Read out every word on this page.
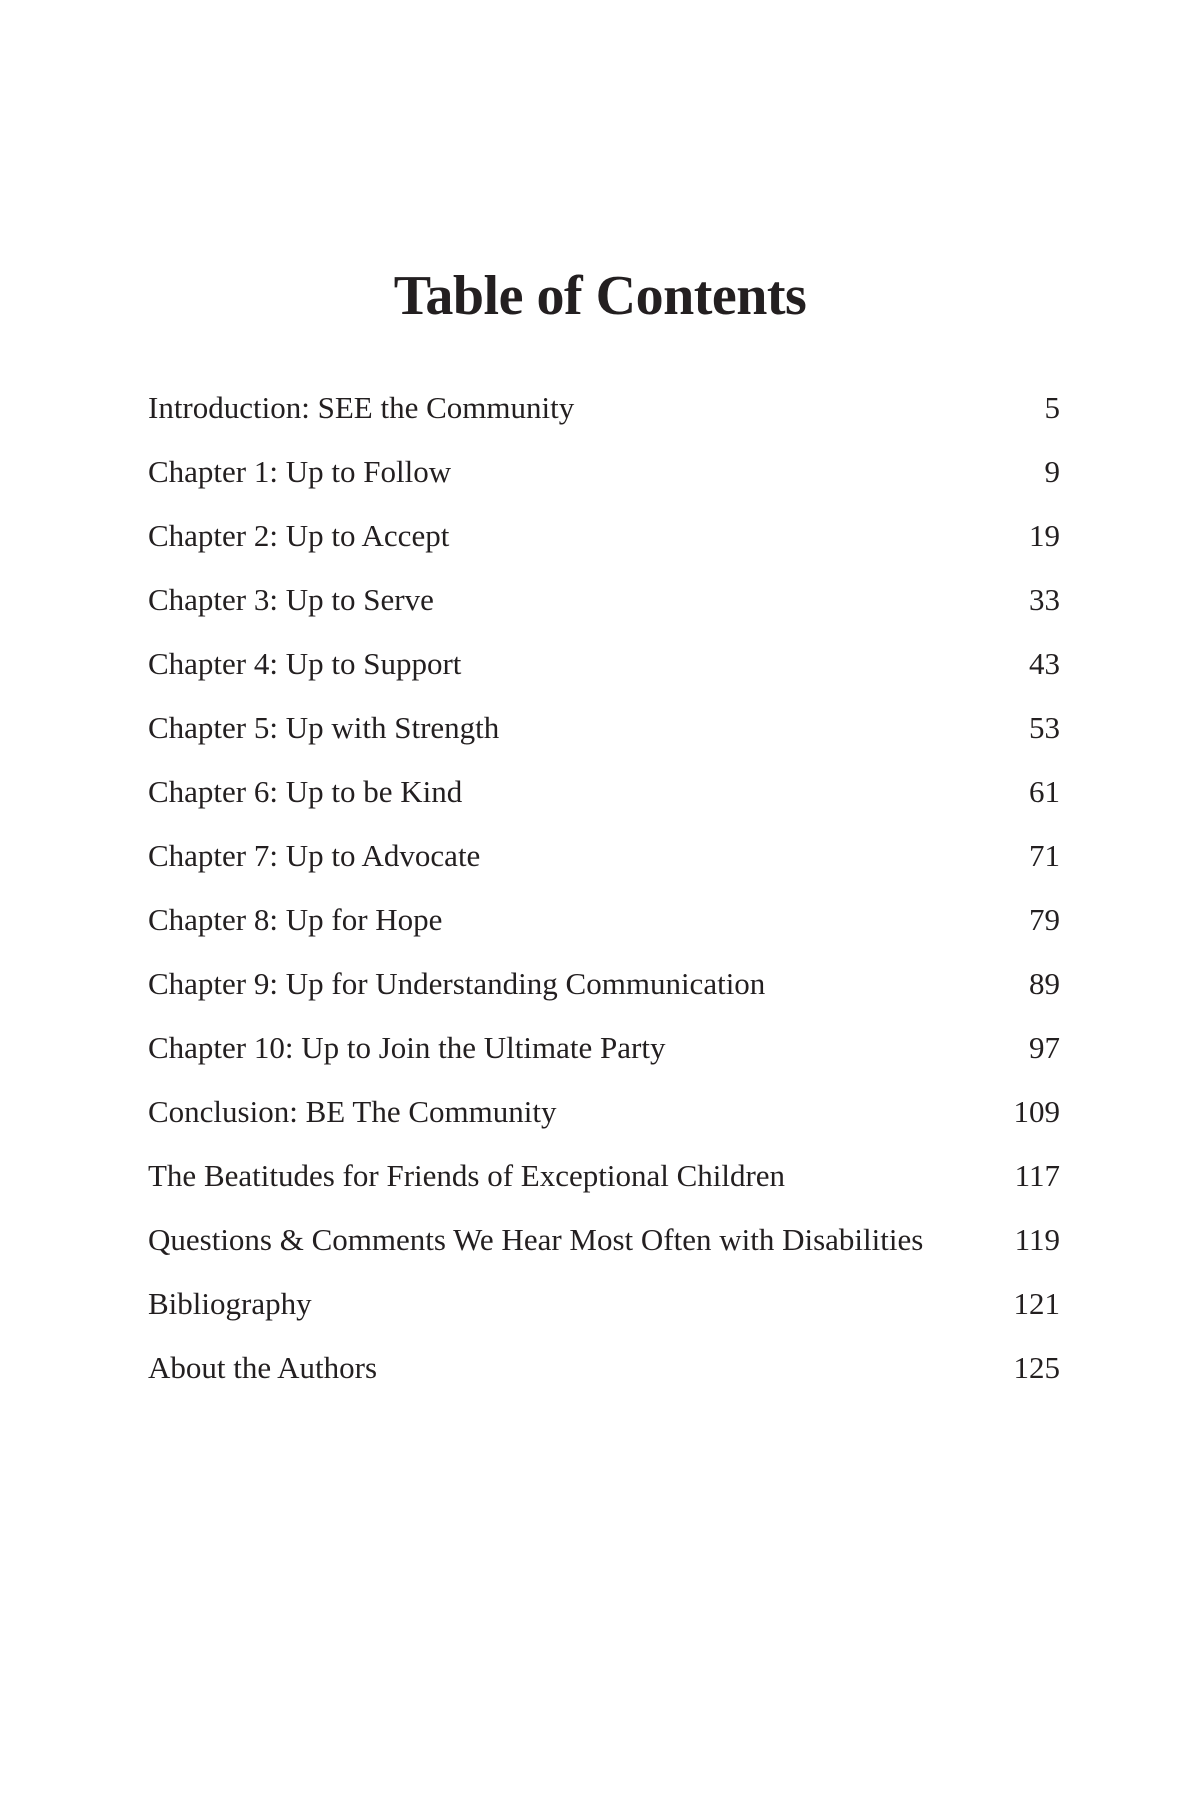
Table of Contents
Introduction: SEE the Community	5
Chapter 1: Up to Follow	9
Chapter 2: Up to Accept	19
Chapter 3: Up to Serve	33
Chapter 4: Up to Support	43
Chapter 5: Up with Strength	53
Chapter 6: Up to be Kind	61
Chapter 7: Up to Advocate	71
Chapter 8: Up for Hope	79
Chapter 9: Up for Understanding Communication	89
Chapter 10: Up to Join the Ultimate Party	97
Conclusion: BE The Community	109
The Beatitudes for Friends of Exceptional Children	117
Questions & Comments We Hear Most Often with Disabilities	119
Bibliography	121
About the Authors	125
